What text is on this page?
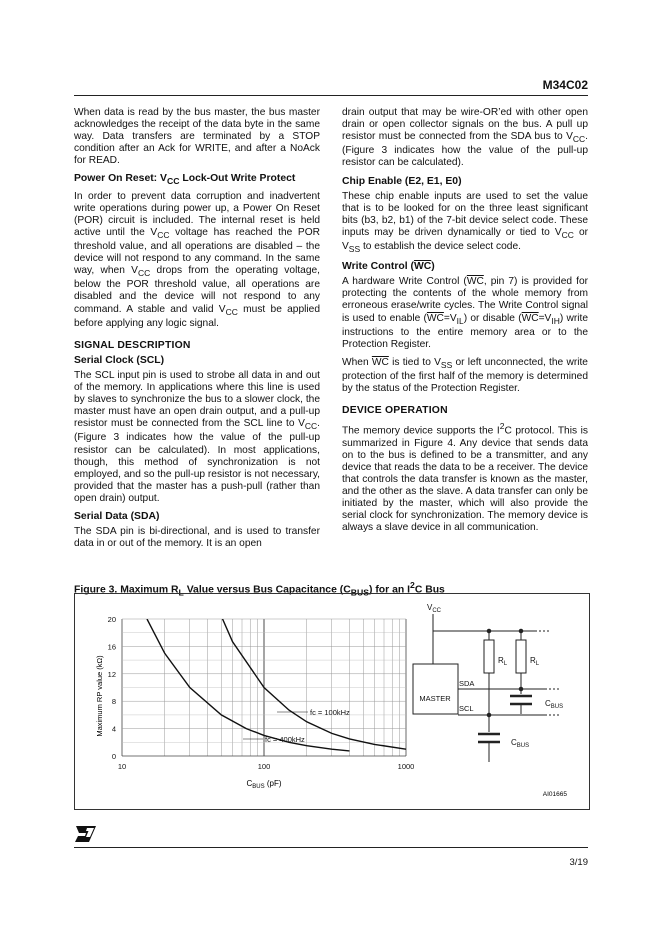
M34C02

When data is read by the bus master, the bus master acknowledges the receipt of the data byte in the same way. Data transfers are terminated by a STOP condition after an Ack for WRITE, and after a NoAck for READ.

Power On Reset: $V_{CC}$ Lock-Out Write Protect

In order to prevent data corruption and inadvertent write operations during power up, a Power On Reset (POR) circuit is included. The internal reset is held active until the $V_{CC}$ voltage has reached the POR threshold value, and all operations are disabled – the device will not respond to any command. In the same way, when $V_{CC}$ drops from the operating voltage, below the POR threshold value, all operations are disabled and the device will not respond to any command. A stable and valid $V_{CC}$ must be applied before applying any logic signal.

SIGNAL DESCRIPTION
Serial Clock (SCL)

The SCL input pin is used to strobe all data in and out of the memory. In applications where this line is used by slaves to synchronize the bus to a slower clock, the master must have an open drain output, and a pull-up resistor must be connected from the SCL line to $V_{CC}$. (Figure 3 indicates how the value of the pull-up resistor can be calculated). In most applications, though, this method of synchronization is not employed, and so the pull-up resistor is not necessary, provided that the master has a push-pull (rather than open drain) output.

Serial Data (SDA)

The SDA pin is bi-directional, and is used to transfer data in or out of the memory. It is an open

drain output that may be wire-OR’ed with other open drain or open collector signals on the bus. A pull up resistor must be connected from the SDA bus to $V_{CC}$. (Figure 3 indicates how the value of the pull-up resistor can be calculated).

Chip Enable (E2, E1, E0)

These chip enable inputs are used to set the value that is to be looked for on the three least significant bits (b3, b2, b1) of the 7-bit device select code. These inputs may be driven dynamically or tied to $V_{CC}$ or $V_{SS}$ to establish the device select code.

Write Control (WC)

A hardware Write Control ($\overline{WC}$, pin 7) is provided for protecting the contents of the whole memory from erroneous erase/write cycles. The Write Control signal is used to enable $(\overline{WC}=V_{IL})$ or disable $(\overline{WC}=V_{IH})$ write instructions to the entire memory area or to the Protection Register.

When $\overline{WC}$ is tied to $V_{SS}$ or left unconnected, the write protection of the first half of the memory is determined by the status of the Protection Register.

DEVICE OPERATION

The memory device supports the $I^2C$ protocol. This is summarized in Figure 4. Any device that sends data on to the bus is defined to be a transmitter, and any device that reads the data to be a receiver. The device that controls the data transfer is known as the master, and the other as the slave. A data transfer can only be initiated by the master, which will also provide the serial clock for synchronization. The memory device is always a slave device in all communication.

Figure 3. Maximum $R_L$ Value versus Bus Capacitance $(C_{BUS})$ for an $I^2C$ Bus
0
4
8
12
16
20
10	100	1000
fc = 100kHz
fc = 400kHz
Maximum RP value (kΩ)
$C_{BUS}$ (pF)
AI01665
$V_{CC}$
MASTER
SDA
SCL
$R_L$	$R_L$
$C_{BUS}$
$C_{BUS}$
3/19
